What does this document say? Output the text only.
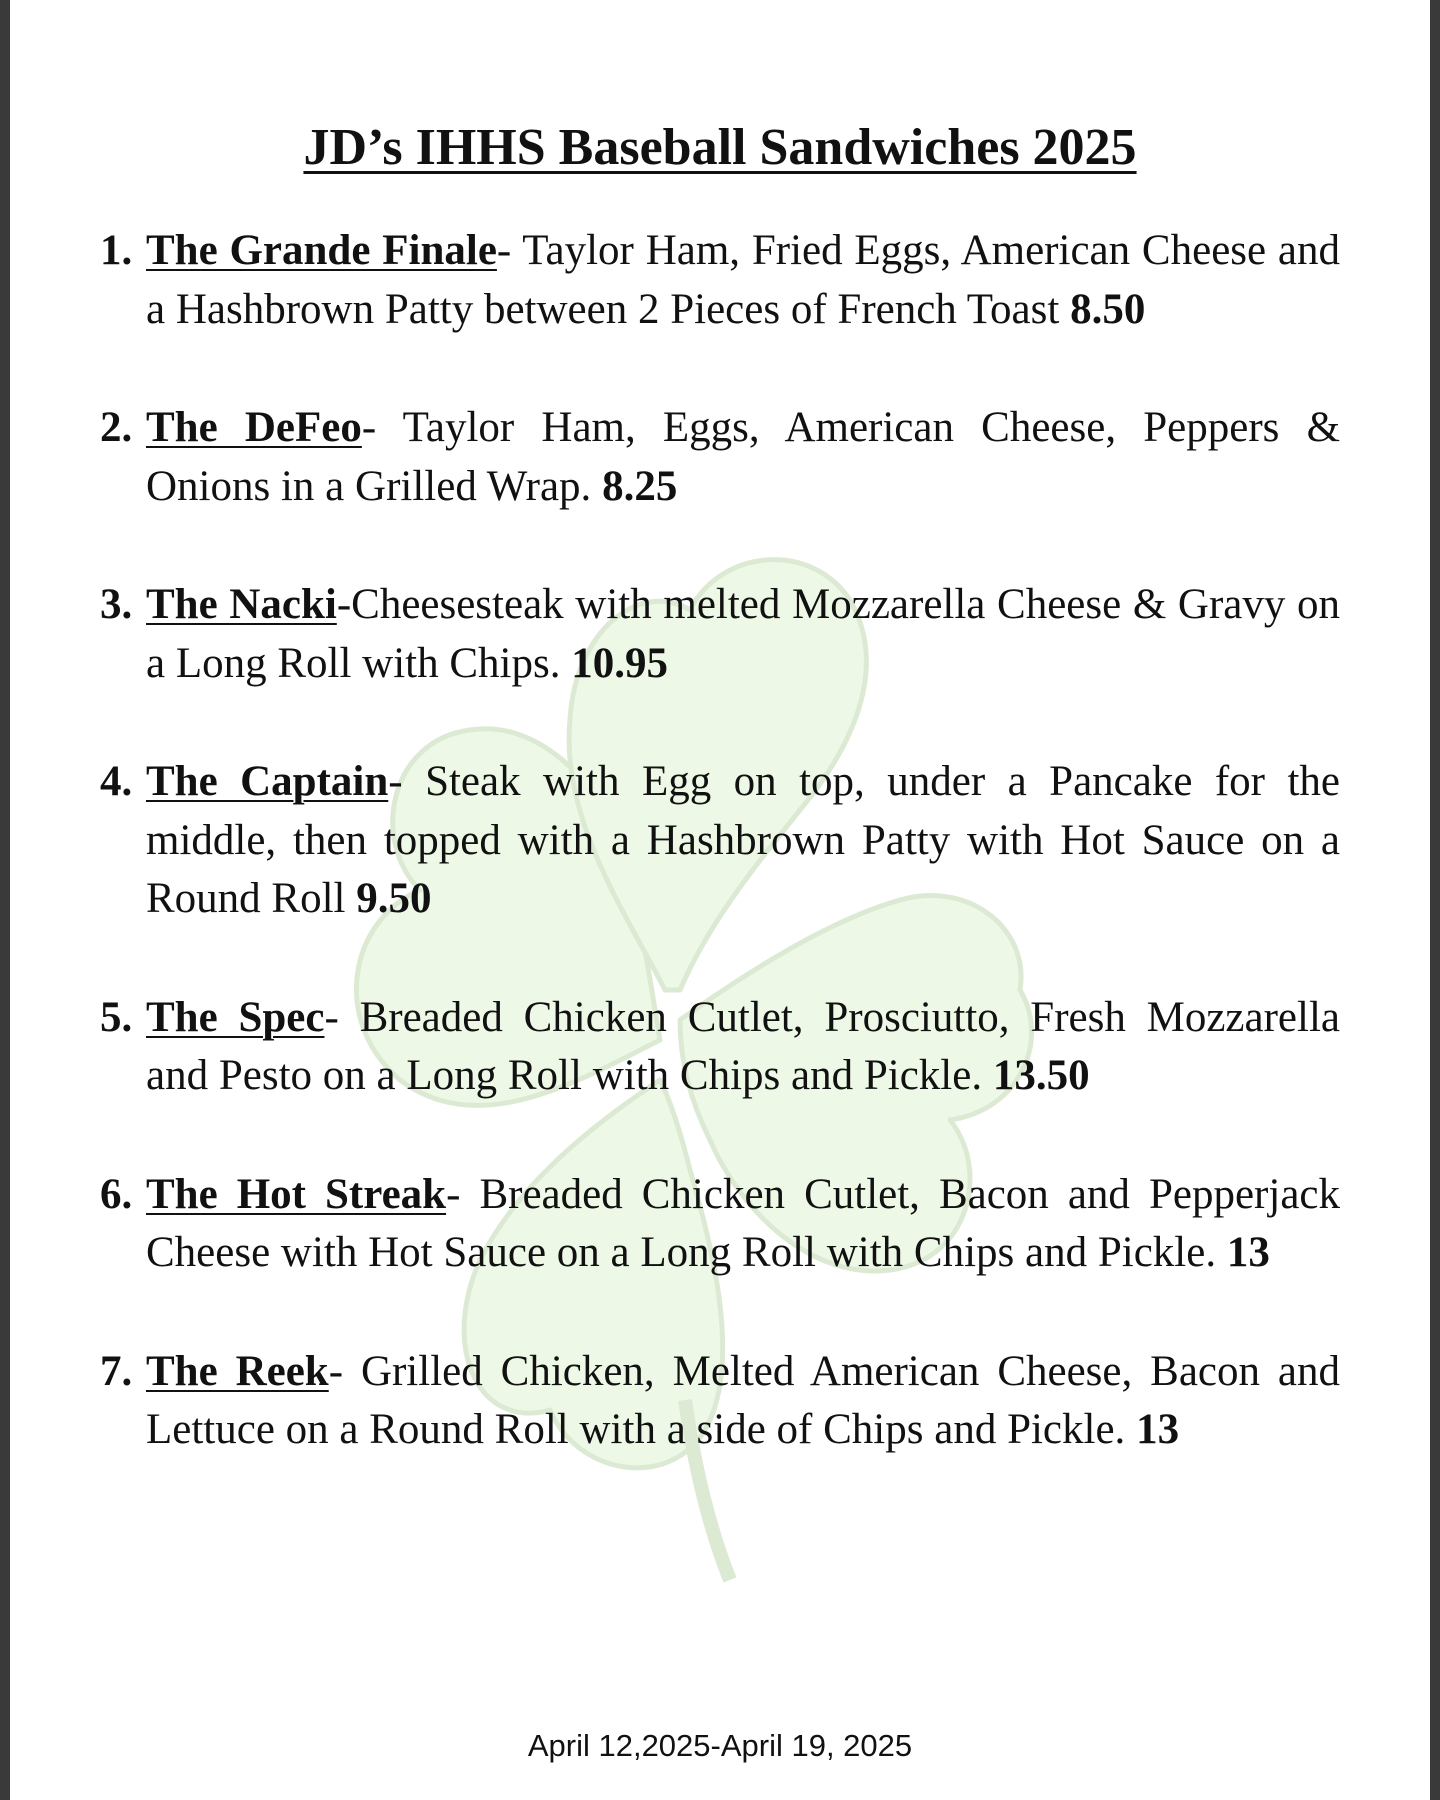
JD’s IHHS Baseball Sandwiches 2025
1. The Grande Finale- Taylor Ham, Fried Eggs, American Cheese and a Hashbrown Patty between 2 Pieces of French Toast 8.50
2. The DeFeo- Taylor Ham, Eggs, American Cheese, Peppers & Onions in a Grilled Wrap. 8.25
3. The Nacki-Cheesesteak with melted Mozzarella Cheese & Gravy on a Long Roll with Chips. 10.95
4. The Captain- Steak with Egg on top, under a Pancake for the middle, then topped with a Hashbrown Patty with Hot Sauce on a Round Roll 9.50
5. The Spec- Breaded Chicken Cutlet, Prosciutto, Fresh Mozzarella and Pesto on a Long Roll with Chips and Pickle. 13.50
6. The Hot Streak- Breaded Chicken Cutlet, Bacon and Pepperjack Cheese with Hot Sauce on a Long Roll with Chips and Pickle. 13
7. The Reek- Grilled Chicken, Melted American Cheese, Bacon and Lettuce on a Round Roll with a side of Chips and Pickle. 13
April 12,2025-April 19, 2025
